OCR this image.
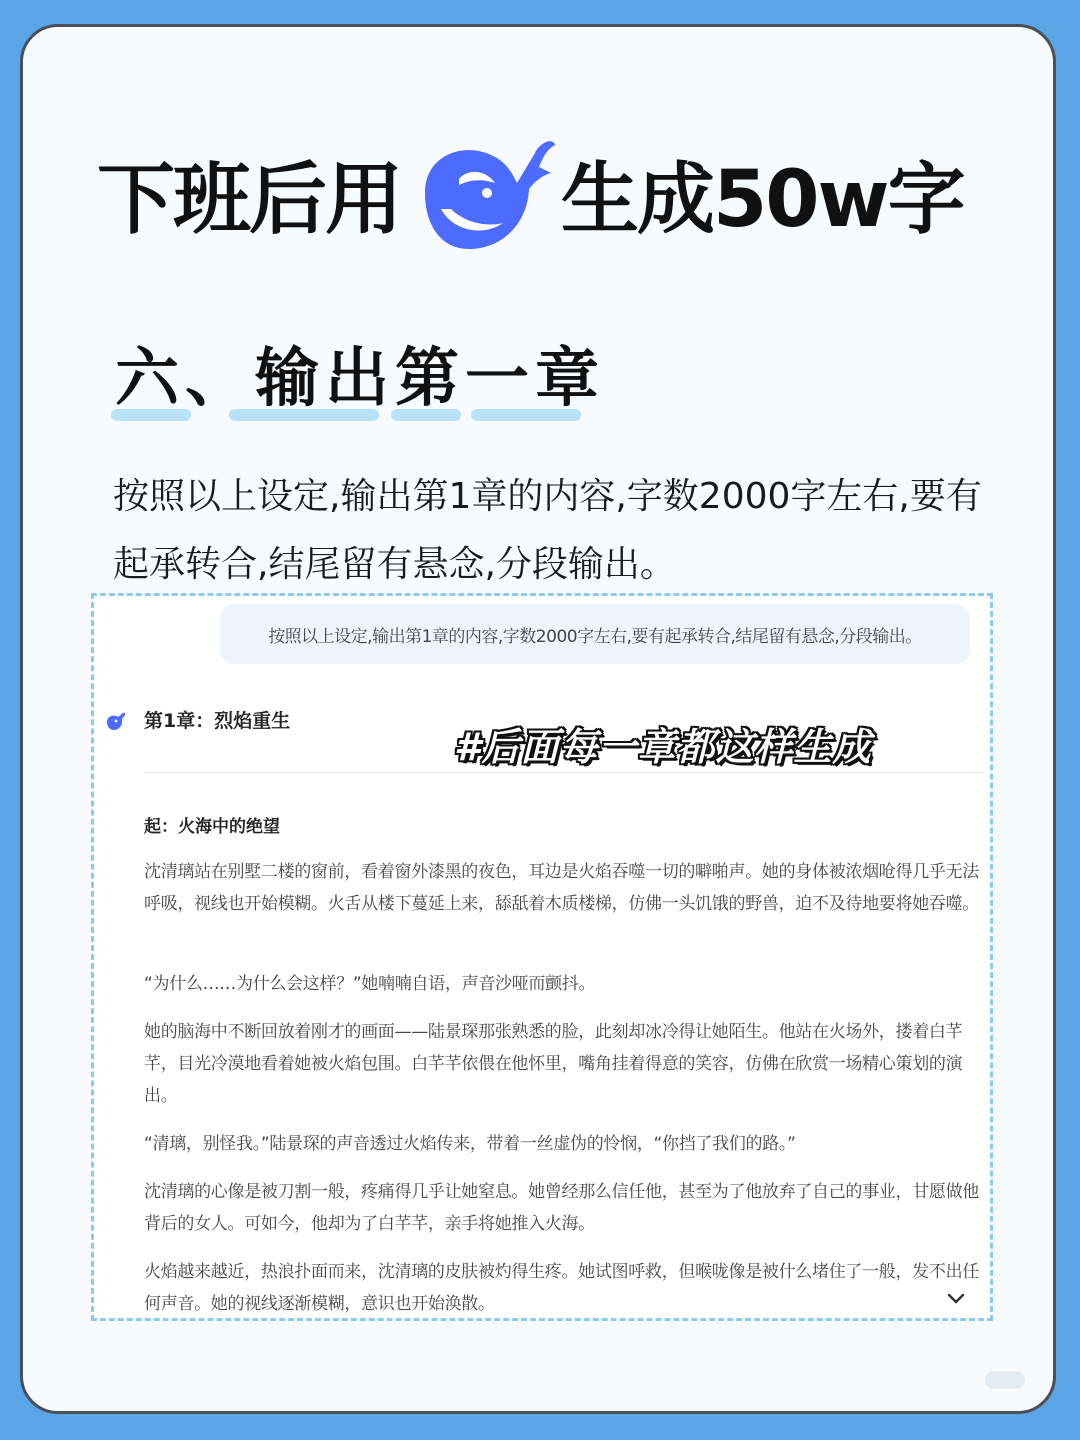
下班后用 生成50w字
六、输出第一章
按照以上设定,输出第1章的内容,字数2000字左右,要有起承转合,结尾留有悬念,分段输出。
按照以上设定,输出第1章的内容,字数2000字左右,要有起承转合,结尾留有悬念,分段输出。
第1章：烈焰重生
#后面每一章都这样生成
起：火海中的绝望
沈清璃站在别墅二楼的窗前，看着窗外漆黑的夜色，耳边是火焰吞噬一切的噼啪声。她的身体被浓烟呛得几乎无法呼吸，视线也开始模糊。火舌从楼下蔓延上来，舔舐着木质楼梯，仿佛一头饥饿的野兽，迫不及待地要将她吞噬。
“为什么……为什么会这样？”她喃喃自语，声音沙哑而颤抖。
她的脑海中不断回放着刚才的画面——陆景琛那张熟悉的脸，此刻却冰冷得让她陌生。他站在火场外，搂着白芊芊，目光冷漠地看着她被火焰包围。白芊芊依偎在他怀里，嘴角挂着得意的笑容，仿佛在欣赏一场精心策划的演出。
“清璃，别怪我。”陆景琛的声音透过火焰传来，带着一丝虚伪的怜悯，“你挡了我们的路。”
沈清璃的心像是被刀割一般，疼痛得几乎让她窒息。她曾经那么信任他，甚至为了他放弃了自己的事业，甘愿做他背后的女人。可如今，他却为了白芊芊，亲手将她推入火海。
火焰越来越近，热浪扑面而来，沈清璃的皮肤被灼得生疼。她试图呼救，但喉咙像是被什么堵住了一般，发不出任何声音。她的视线逐渐模糊，意识也开始涣散。
